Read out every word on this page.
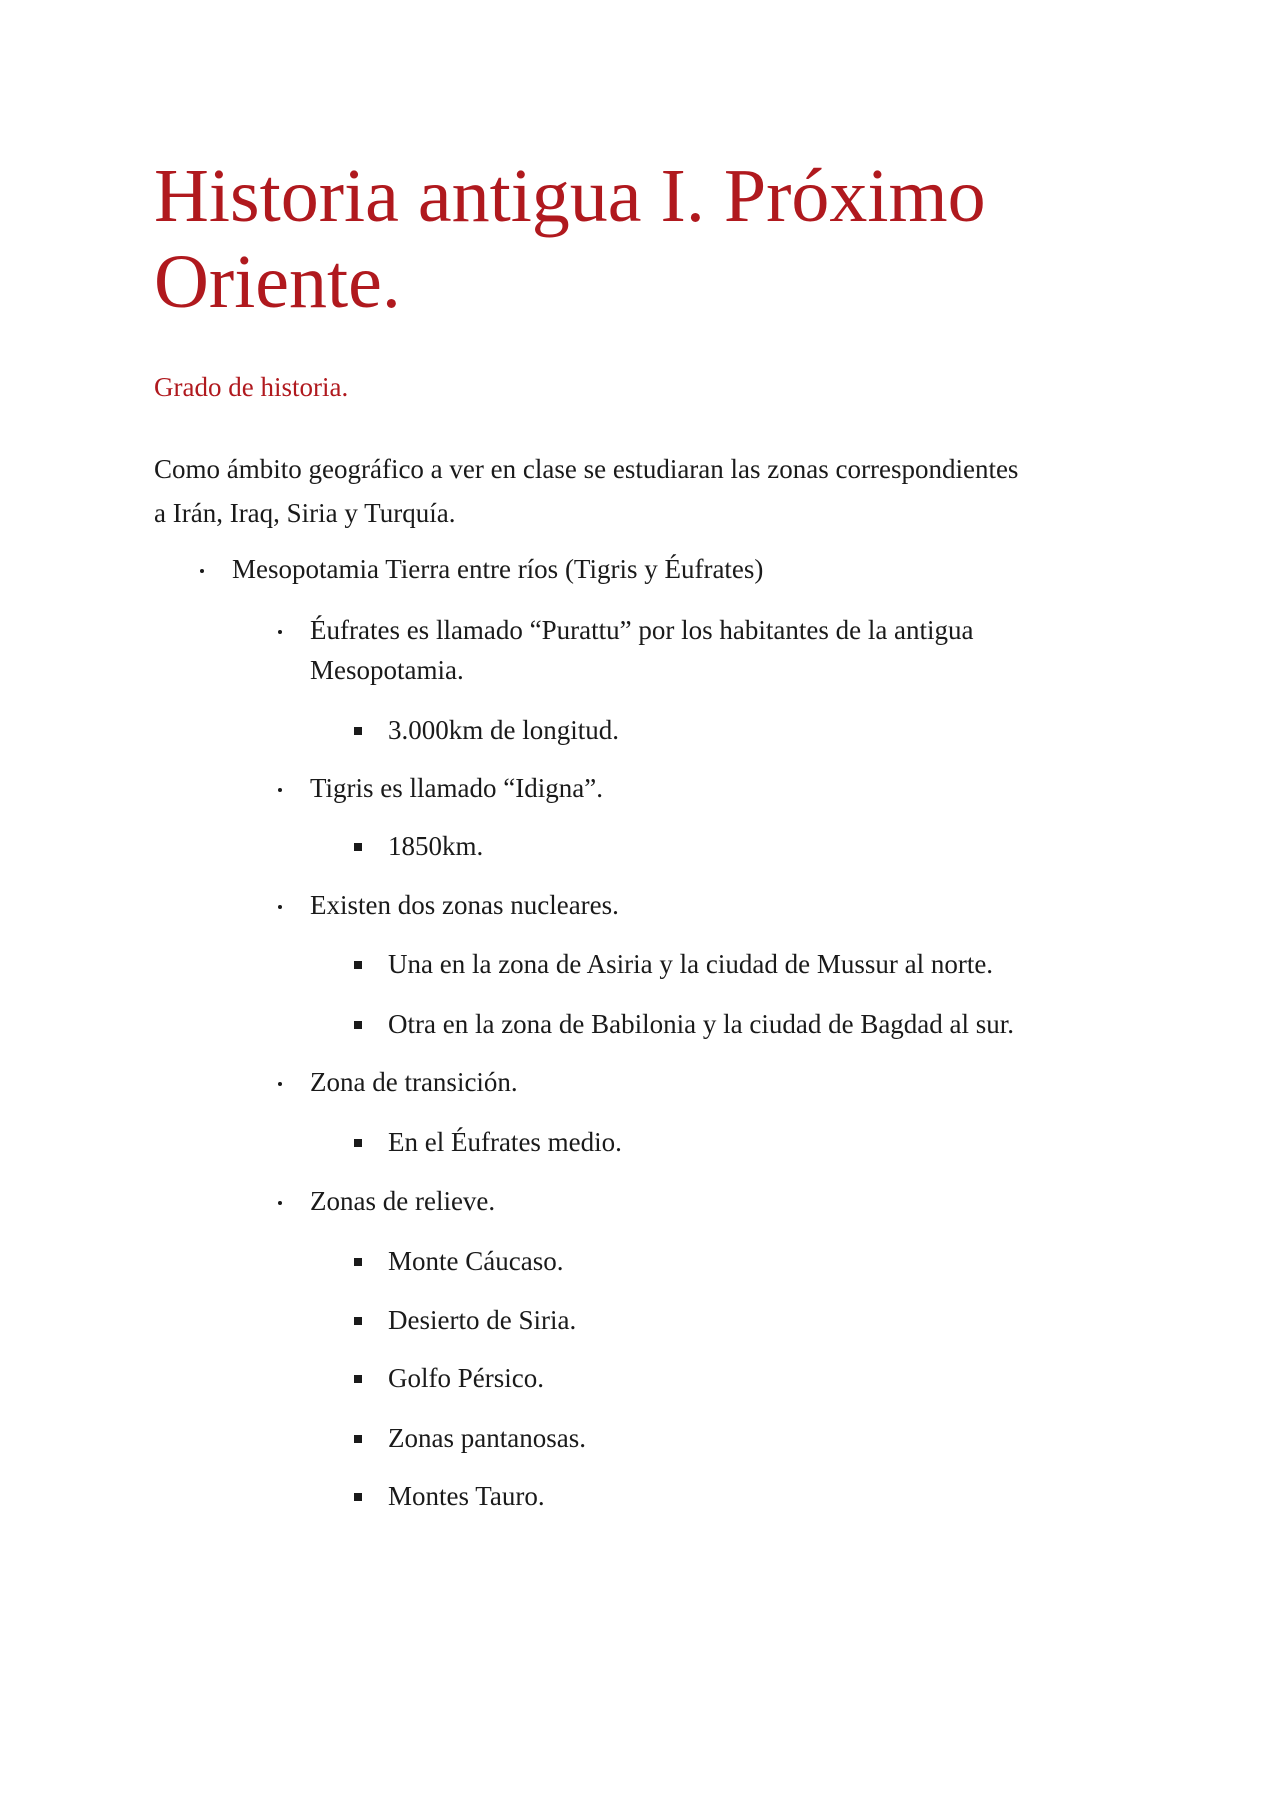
Historia antigua I. Próximo
Oriente.

Grado de historia.

Como ámbito geográfico a ver en clase se estudiaran las zonas correspondientes
a Irán, Iraq, Siria y Turquía.

Mesopotamia Tierra entre ríos (Tigris y Éufrates)
Éufrates es llamado “Purattu” por los habitantes de la antigua
Mesopotamia.
3.000km de longitud.
Tigris es llamado “Idigna”.
1850km.
Existen dos zonas nucleares.
Una en la zona de Asiria y la ciudad de Mussur al norte.
Otra en la zona de Babilonia y la ciudad de Bagdad al sur.
Zona de transición.
En el Éufrates medio.
Zonas de relieve.
Monte Cáucaso.
Desierto de Siria.
Golfo Pérsico.
Zonas pantanosas.
Montes Tauro.
